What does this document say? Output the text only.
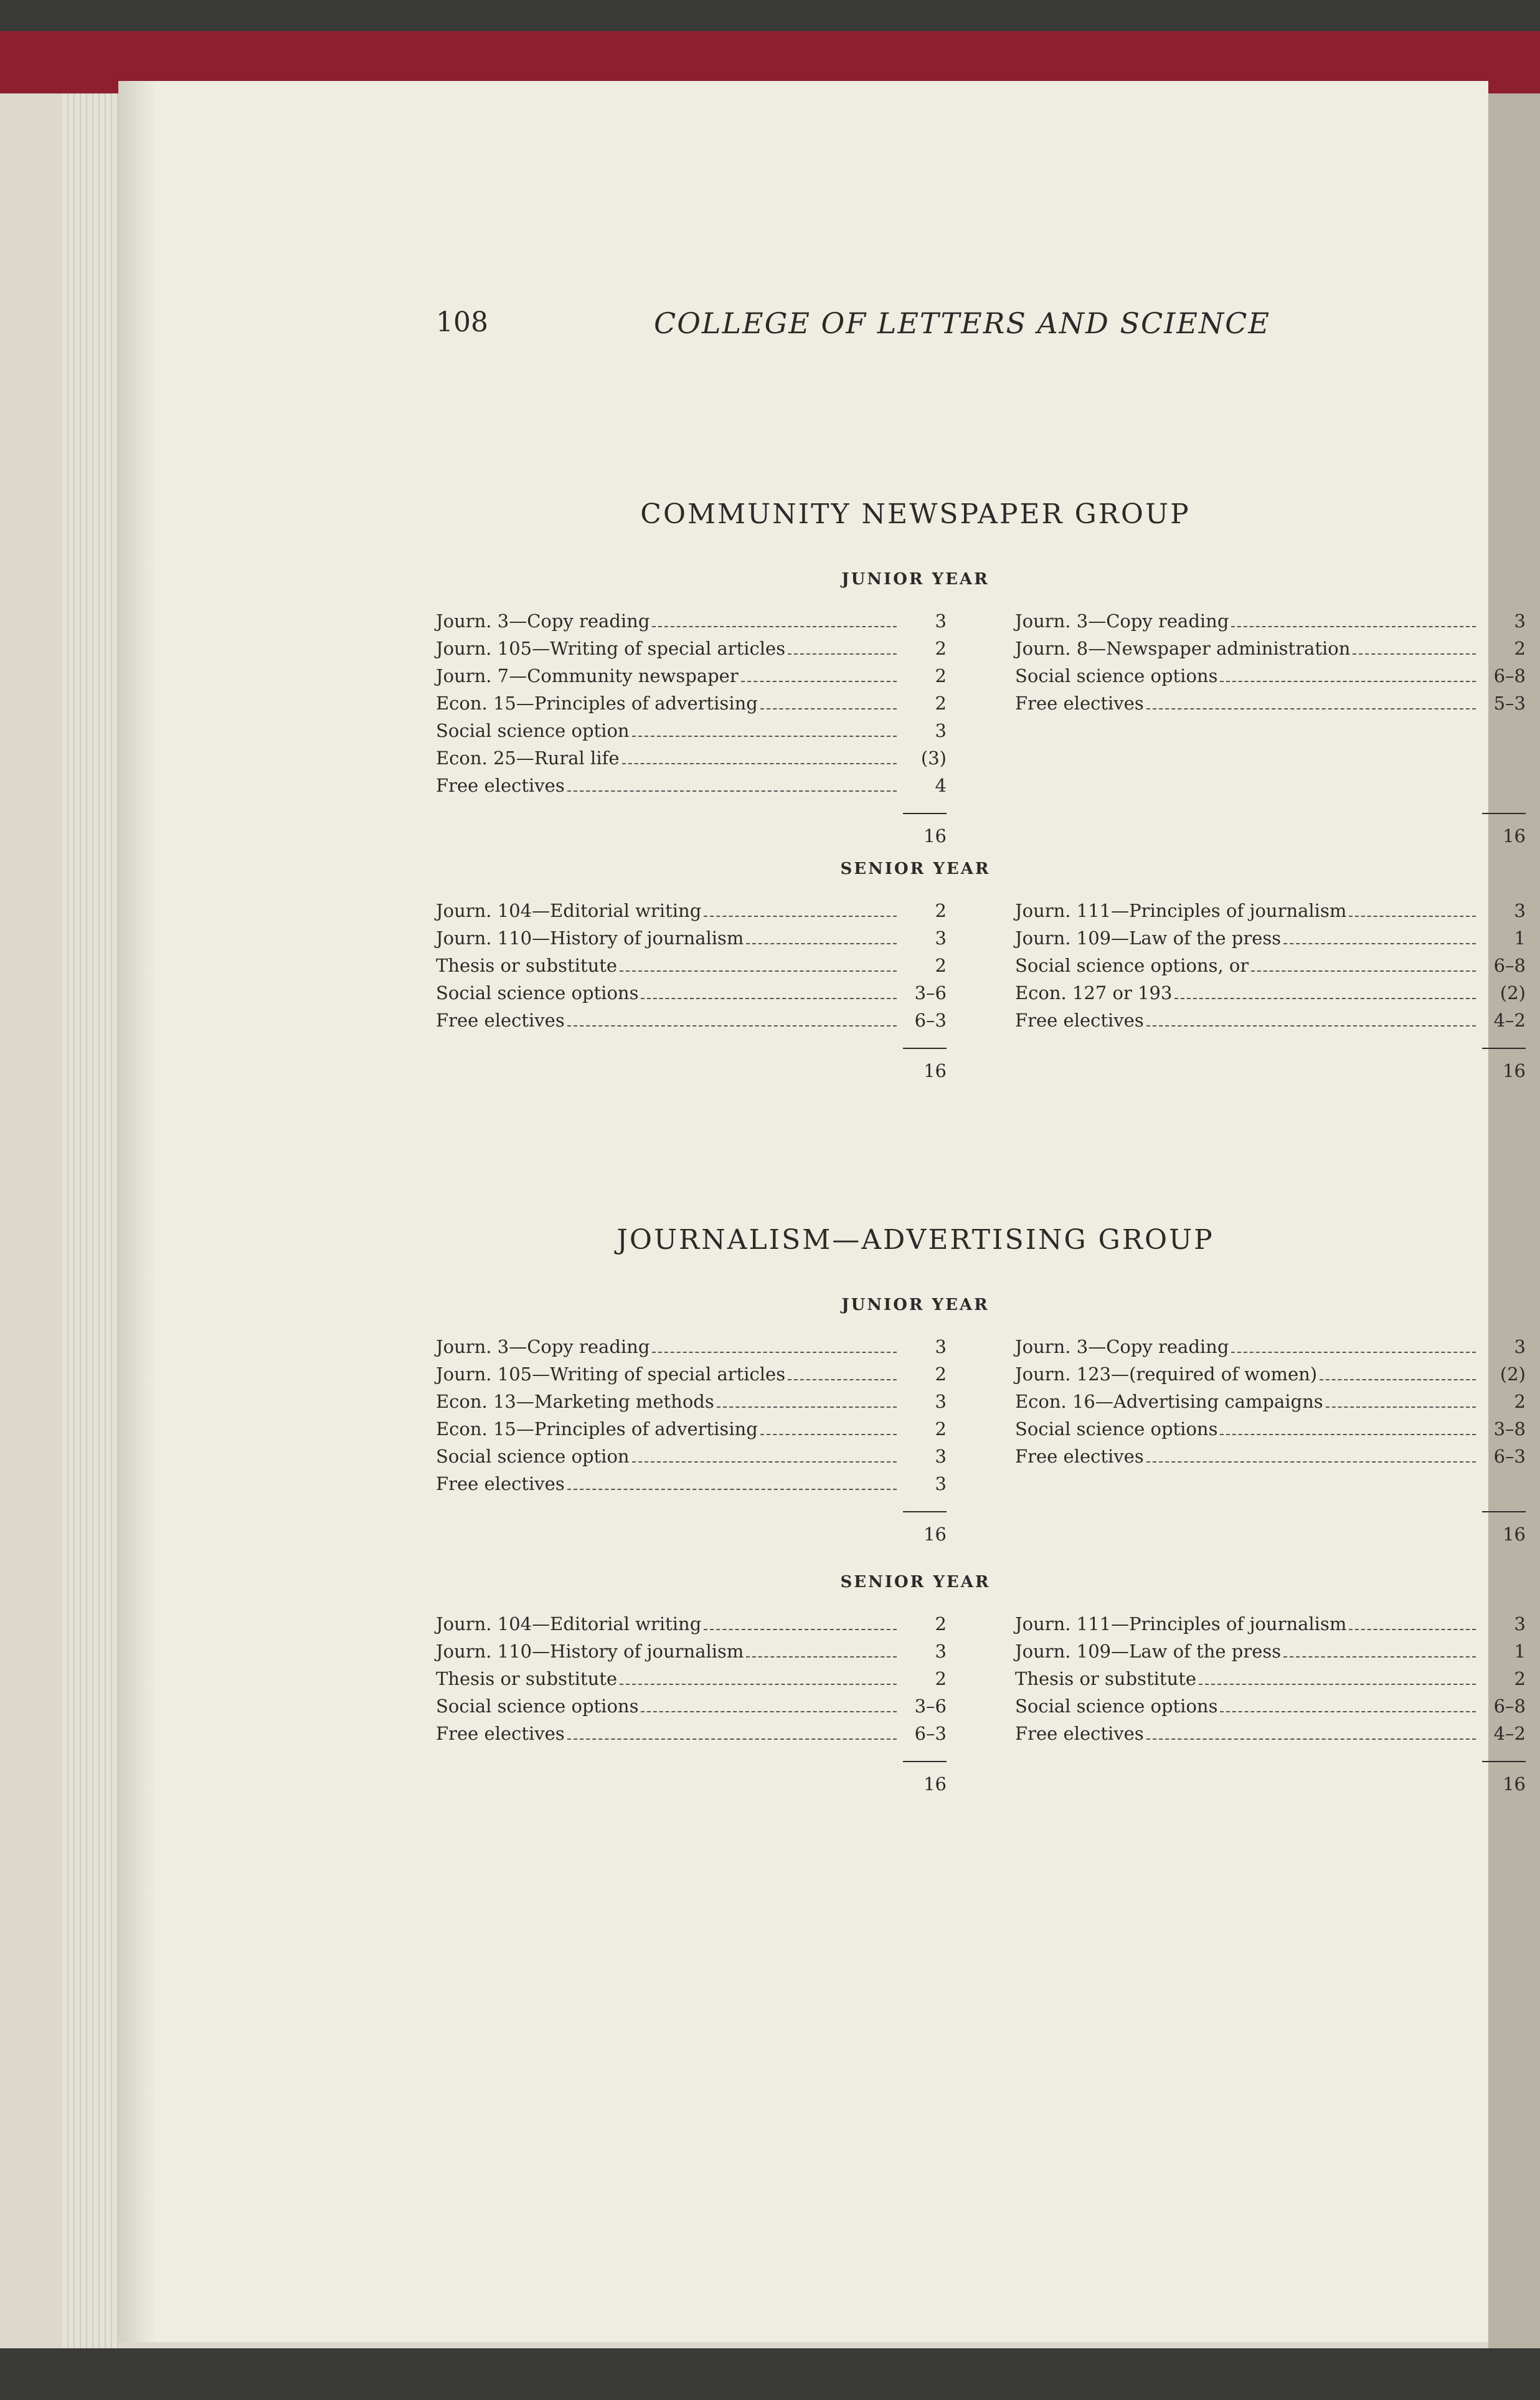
108	COLLEGE OF LETTERS AND SCIENCE
COMMUNITY NEWSPAPER GROUP
JUNIOR YEAR
Journ. 3—Copy reading	3
Journ. 105—Writing of special articles	2
Journ. 7—Community newspaper	2
Econ. 15—Principles of advertising	2
Social science option	3
Econ. 25—Rural life	(3)
Free electives	4
16
Journ. 3—Copy reading	3
Journ. 8—Newspaper administration	2
Social science options	6–8
Free electives	5–3
16
SENIOR YEAR
Journ. 104—Editorial writing	2
Journ. 110—History of journalism	3
Thesis or substitute	2
Social science options	3–6
Free electives	6–3
16
Journ. 111—Principles of journalism	3
Journ. 109—Law of the press	1
Social science options, or	6–8
Econ. 127 or 193	(2)
Free electives	4–2
16
JOURNALISM—ADVERTISING GROUP
JUNIOR YEAR
Journ. 3—Copy reading	3
Journ. 105—Writing of special articles	2
Econ. 13—Marketing methods	3
Econ. 15—Principles of advertising	2
Social science option	3
Free electives	3
16
Journ. 3—Copy reading	3
Journ. 123—(required of women)	(2)
Econ. 16—Advertising campaigns	2
Social science options	3–8
Free electives	6–3
16
SENIOR YEAR
Journ. 104—Editorial writing	2
Journ. 110—History of journalism	3
Thesis or substitute	2
Social science options	3–6
Free electives	6–3
16
Journ. 111—Principles of journalism	3
Journ. 109—Law of the press	1
Thesis or substitute	2
Social science options	6–8
Free electives	4–2
16
